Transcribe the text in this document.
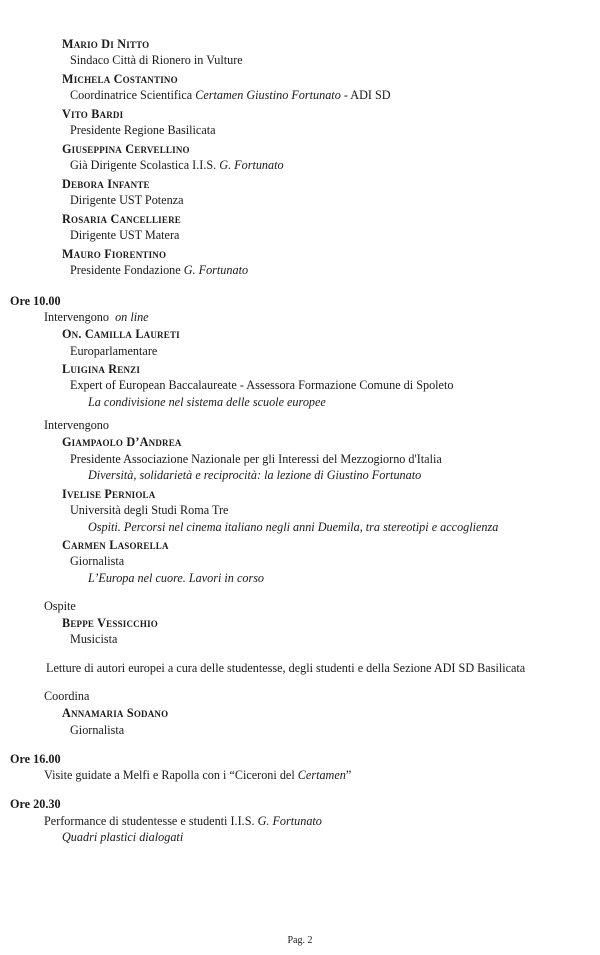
Mario Di Nitto
Sindaco Città di Rionero in Vulture
Michela Costantino
Coordinatrice Scientifica Certamen Giustino Fortunato - ADI SD
Vito Bardi
Presidente Regione Basilicata
Giuseppina Cervellino
Già Dirigente Scolastica I.I.S. G. Fortunato
Debora Infante
Dirigente UST Potenza
Rosaria Cancelliere
Dirigente UST Matera
Mauro Fiorentino
Presidente Fondazione G. Fortunato
Ore 10.00
Intervengono on line
On. Camilla Laureti
Europarlamentare
Luigina Renzi
Expert of European Baccalaureate - Assessora Formazione Comune di Spoleto
La condivisione nel sistema delle scuole europee
Intervengono
Giampaolo D’Andrea
Presidente Associazione Nazionale per gli Interessi del Mezzogiorno d'Italia
Diversità, solidarietà e reciprocità: la lezione di Giustino Fortunato
Ivelise Perniola
Università degli Studi Roma Tre
Ospiti. Percorsi nel cinema italiano negli anni Duemila, tra stereotipi e accoglienza
Carmen Lasorella
Giornalista
L’Europa nel cuore. Lavori in corso
Ospite
Beppe Vessicchio
Musicista
Letture di autori europei a cura delle studentesse, degli studenti e della Sezione ADI SD Basilicata
Coordina
Annamaria Sodano
Giornalista
Ore 16.00
Visite guidate a Melfi e Rapolla con i “Ciceroni del Certamen”
Ore 20.30
Performance di studentesse e studenti I.I.S. G. Fortunato
Quadri plastici dialogati
Pag. 2
